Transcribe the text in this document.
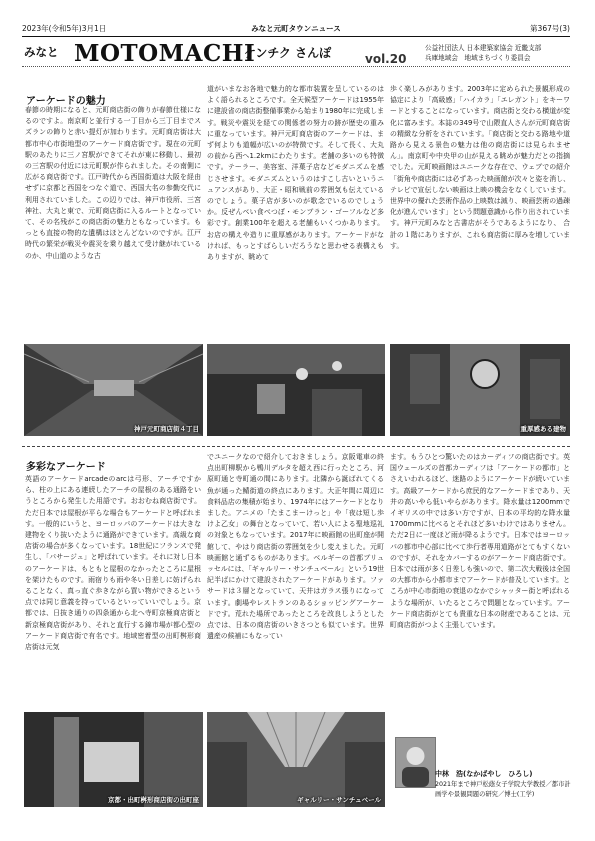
2023年(令和5年)3月1日	みなと元町タウンニュース	第367号(3)
みなと MOTOMACHI
ケンチク さんぽ	vol.20
公益社団法人 日本建築家協会 近畿支部
兵庫地域会　地域まちづくり委員会
アーケードの魅力
春節の時期になると、元町商店街の飾りが春節仕様になるのですよ。南京町と並行する一丁目から三丁目までスズランの飾りと赤い提灯が加わります。元町商店街は大都市中心市街地型のアーケード商店街です。現在の元町駅のあたりに三ノ宮駅ができてそれが東に移動し、最初の三宮駅の付近には元町駅が作られました。その南側に広がる商店街です。江戸時代から西国街道は大阪を経由せずに京都と西国をつなぐ道で、西国大名の参勤交代に利用されていました。この辺りでは、神戸市役所、三宮神社、大丸と東で、元町商店街に入るルートとなっていて、その名残がこの商店街の魅力ともなっています。もっとも直接の物的な遺構はほとんどないのですが。江戸時代の繁栄が戦災や震災を乗り越えて受け継がれているのか、中山道のような古
道がいまなお各地で魅力的な都市装置を呈しているのはよく語られるところです。全天候型アーケードは1955年に建設省の商店街整備事業から始まり1980年に完成します。戦災や震災を経ての関係者の努力の跡が歴史の重みに重なっています。神戸元町商店街のアーケードは、まず何よりも道幅が広いのが特徴です。そして長く、大丸の前から西へ1.2kmにわたります。老舗の多いのも特徴です。テーラー、美容室、洋菓子店などモダニズムを感じさせます。モダニズムというのはすこし古いというニュアンスがあり、大正・昭和戦前の雰囲気も伝えているのでしょう。菓子店が多いのが歌念でいるのでしょうか。反ぜんべい食べつぼ・モンブラン・ゴーフルなど多彩です。創業100年を超える老舗もいくつかあります。お店の構えや造りに重厚感があります。アーケードがなければ、もっとすばらしいだろうなと思わせる表構えもありますが、眺めて
歩く楽しみがあります。2003年に定められた景観形成の協定により「高級感」「ハイカラ」「エレガント」をキーワードとすることになっています。商店街と交わる横道が変化に富みます。本誌の349号で山隈直人さんが元町商店街の精緻な分析をされています。「商店街と交わる路地や道路から見える景色の魅力は他の商店街には見られません」。南京町や中央甲の山が見える眺めが魅力だとの指摘でした。元町映画館はユニークな存在で、ウェブでの紹介「街角や商店街には必ずあった映画館が次々と姿を消し、テレビで宣伝しない映画は上映の機会をなくしています。世界中の優れた芸術作品の上映数は減り、映画芸術の過疎化が進んでいます」という問題意識から作り出されています。神戸元町みなと古書店がそうであるようになり、 合計の１階にありますが、これも商店街に厚みを増しています。
神戸元町商店街４丁目	重厚感ある建物
多彩なアーケード
英語のアーケードarcadeのarcは弓形、アーチですから、柱の上にある連続したアーチの屋根のある通路をいうところから発生した用語です。おおむね商店街です。ただ日本では屋根が平らな場合もアーケードと呼ばれます。一般的にいうと、ヨーロッパのアーケードは大きな建物をくり抜いたように通路ができています。高級な商店街の場合が多くなっています。18世紀にフランスで発生し、「パサージュ」と呼ばれています。それに対し日本のアーケードは、もともと屋根のなかったところに屋根を架けたものです。雨宿りも雨や冬い日差しに妨げられることなく、真っ直ぐ歩きながら買い物ができるという点では同じ意義を持っているといっていいでしょう。京都では、日抜き通りの四条通から北へ寺町京極商店街と新京極商店街があり、それと直行する錦市場が都心型のアーケード商店街で有名です。地域密着型の出町桝形商店街は元気
でユニークなので紹介しておきましょう。京阪電車の終点出町柳駅から鴨川デルタを超え西に行ったところ、河原町通と寺町通の間にあります。北隣から誕ばれてくる魚が通った鯖街道の終点にあります。大正年間に周辺に食料品店の集積が始まり、1974年にはアーケードとなりました。アニメの「たまこまーけっと」や「夜は短し歩けよ乙女」の舞台となっていて、若い人による聖地巡礼の対象ともなっています。2017年に映画館の出町座が開館して、やはり商店街の雰囲気を少し変えました。元町映画館と通ずるものがあります。ベルギーの首都ブリュッセルには、「ギャルリー・サンチュベール」という19世紀半ばにかけて建設されたアーケードがあります。ファサードは３層となっていて、天井はガラス張りになっています。劇場やレストランのあるショッピングアーケードです。荒れた場所であったところを改良しようとした点では、日本の商店街のいきさつとも似ています。世界遺産の候補にもなってい
ます。もうひとつ驚いたのはカーディフの商店街です。英国ウェールズの首都カーディフは「アーケードの都市」とさえいわれるほど、迷路のようにアーケードが続いています。高級アーケードから庶民的なアーケードまであり、天井の高いやら低いやらがあります。降水量は1200mmでイギリスの中では多い方ですが、日本の平均的な降水量1700mmに比べるとそれほど多いわけではありません。ただ2日に一度ほど雨が降るようです。日本ではヨーロッパの都市中心部に比べて歩行者専用道路がとてもすくないのですが、それをカバーするのがアーケード商店街です。日本では雨が多く日差しも強いので、第二次大戦後は全国の大都市から小都市までアーケードが普及しています。ところが中心市街地の衰退のなかでシャッター街と呼ばれるような場所が、いたるところで問題となっています。アーケード商店街がとても貴重な日本の財産であることは、元町商店街がつよく主張しています。
京都・出町桝形商店街の出町座	ギャルリー・サンチュベール
中林　浩(なかばやし　ひろし)
2021年まで神戸松蔭女子学院大学教授／都市計画学や景観問題の研究／博士(工学)
